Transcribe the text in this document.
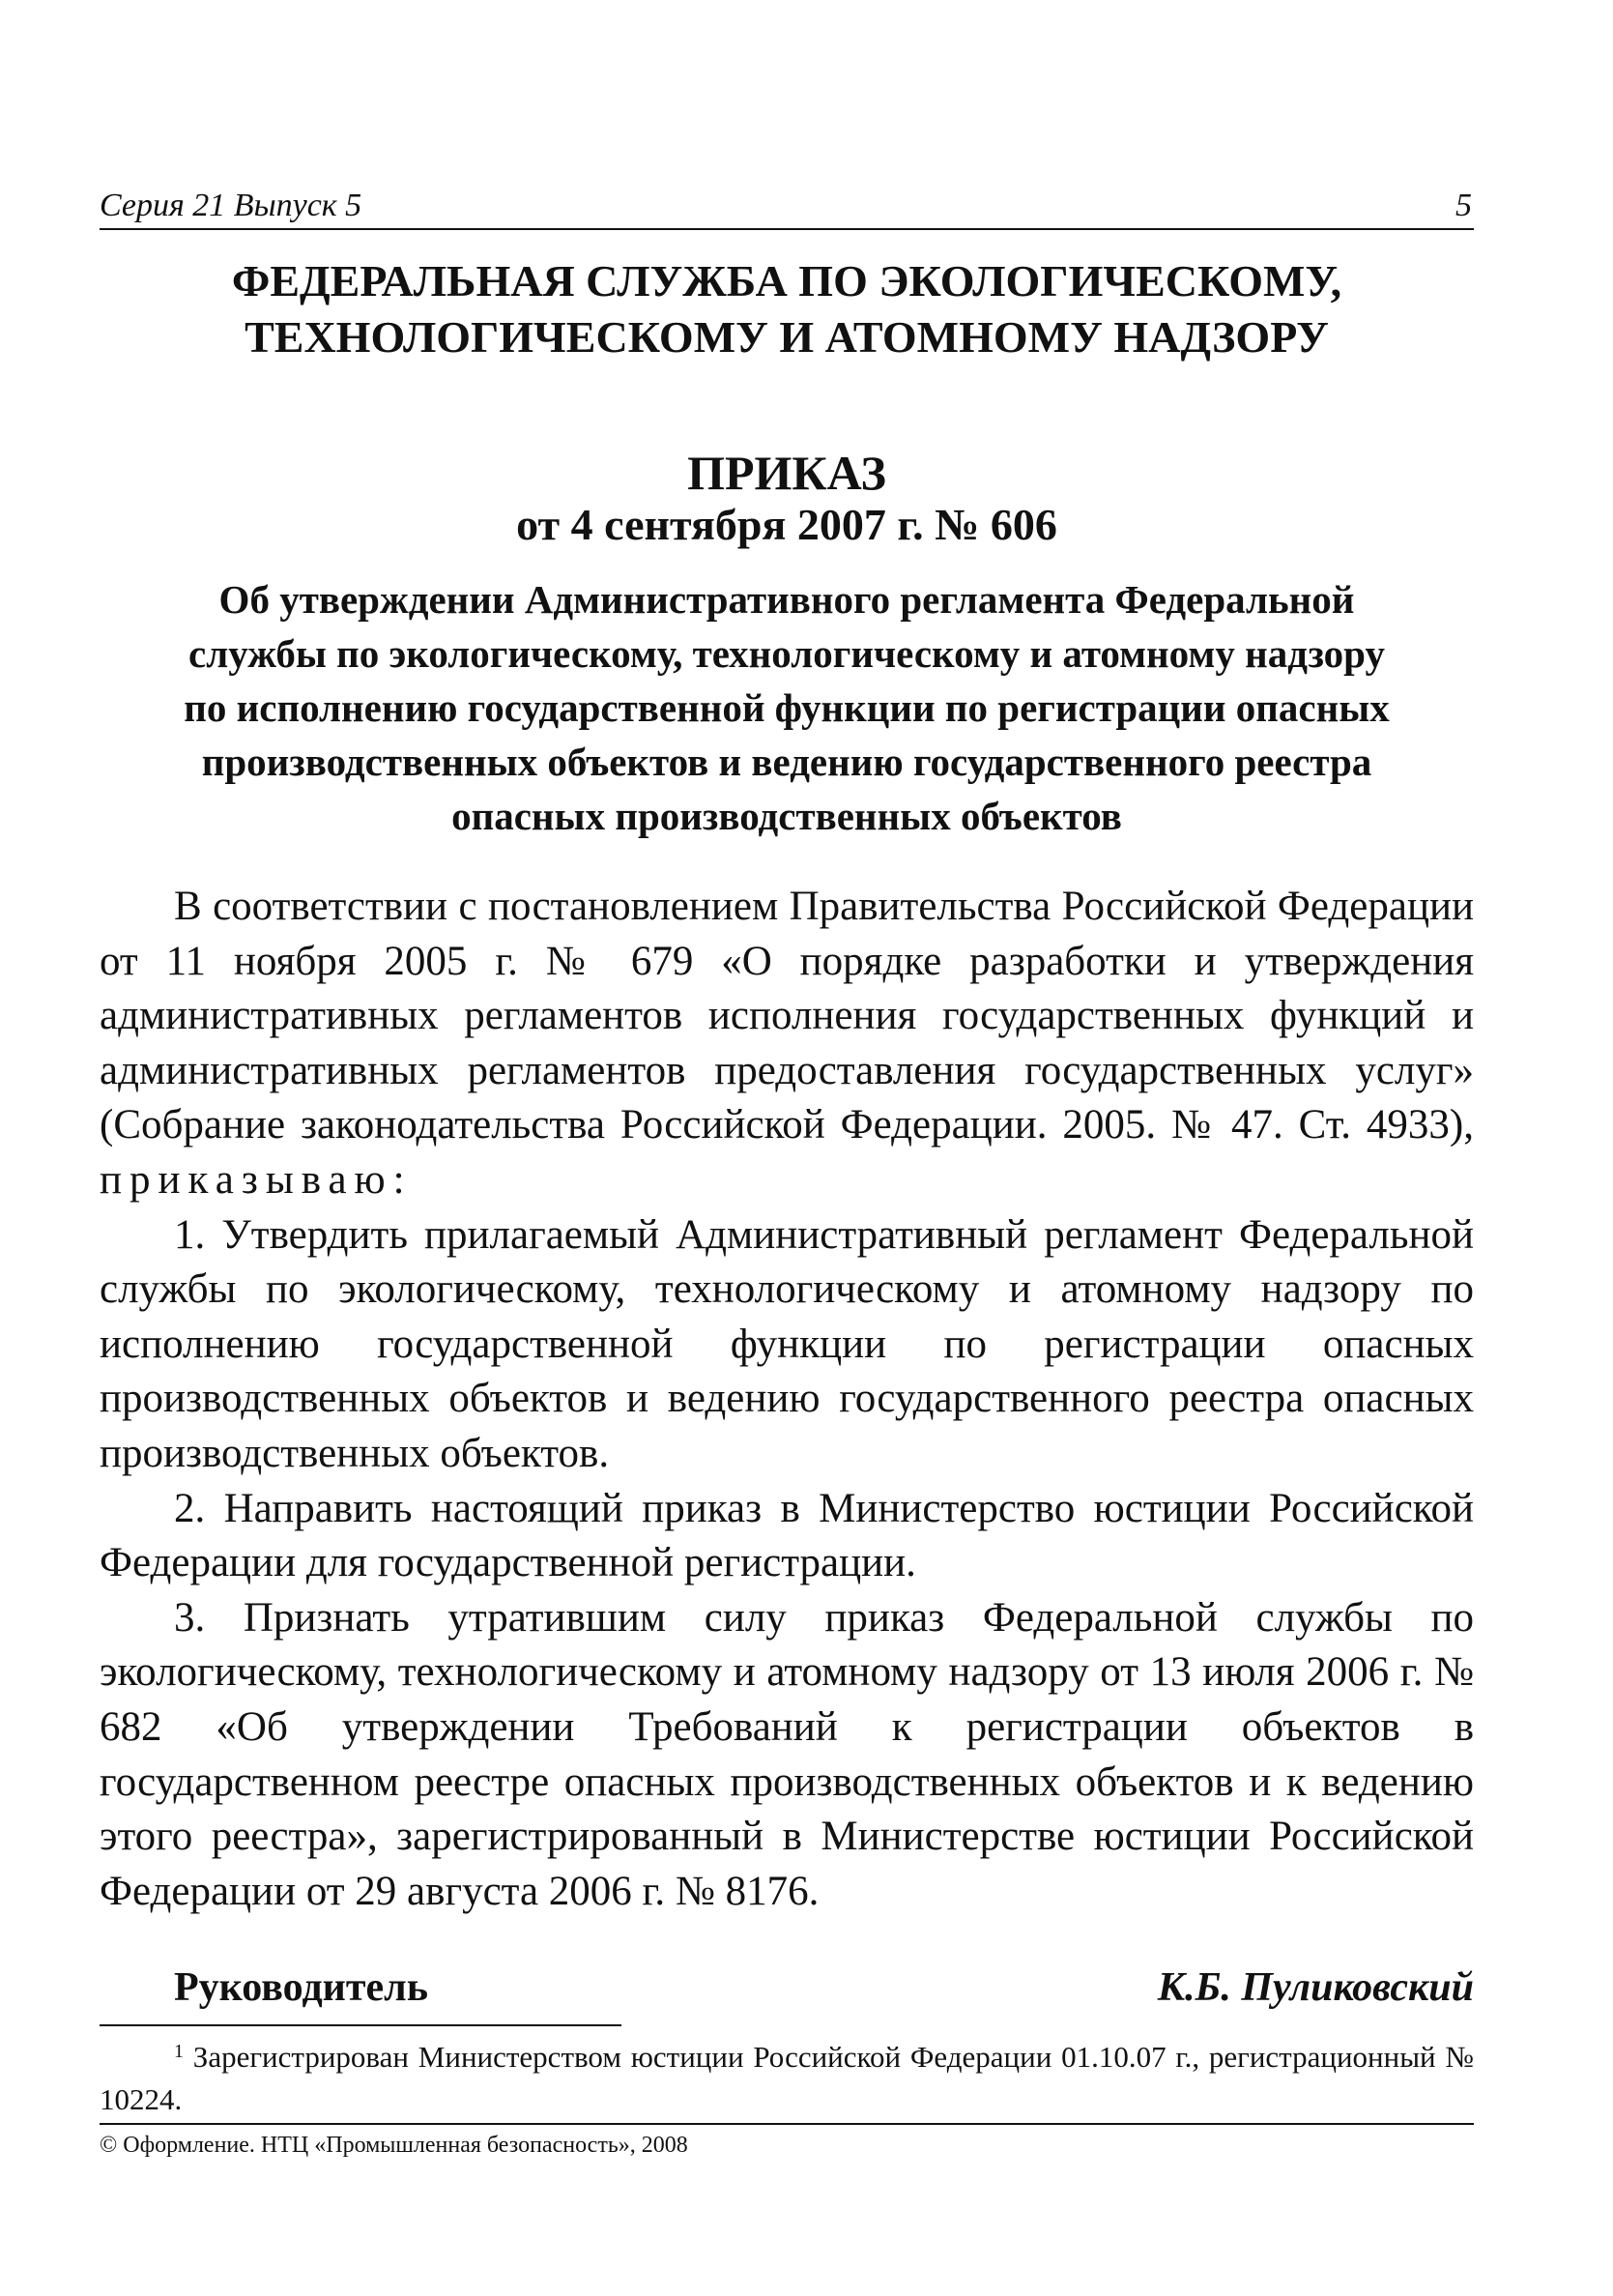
Серия 21 Выпуск 5	5
ФЕДЕРАЛЬНАЯ СЛУЖБА ПО ЭКОЛОГИЧЕСКОМУ,
ТЕХНОЛОГИЧЕСКОМУ И АТОМНОМУ НАДЗОРУ
ПРИКАЗ
от 4 сентября 2007 г. № 606
Об утверждении Административного регламента Федеральной
службы по экологическому, технологическому и атомному надзору
по исполнению государственной функции по регистрации опасных
производственных объектов и ведению государственного реестра
опасных производственных объектов

В соответствии с постановлением Правительства Российской Федерации от 11 ноября 2005 г. № 679 «О порядке разработки и утверждения административных регламентов исполнения государственных функций и административных регламентов предоставления государственных услуг» (Собрание законодательства Российской Федерации. 2005. № 47. Ст. 4933), приказываю:

1. Утвердить прилагаемый Административный регламент Федеральной службы по экологическому, технологическому и атомному надзору по исполнению государственной функции по регистрации опасных производственных объектов и ведению государственного реестра опасных производственных объектов.

2. Направить настоящий приказ в Министерство юстиции Российской Федерации для государственной регистрации.

3. Признать утратившим силу приказ Федеральной службы по экологическому, технологическому и атомному надзору от 13 июля 2006 г. № 682 «Об утверждении Требований к регистрации объектов в государственном реестре опасных производственных объектов и к ведению этого реестра», зарегистрированный в Министерстве юстиции Российской Федерации от 29 августа 2006 г. № 8176.

Руководитель	К.Б. Пуликовский
$^1$ Зарегистрирован Министерством юстиции Российской Федерации 01.10.07 г., регистрационный № 10224.
© Оформление. НТЦ «Промышленная безопасность», 2008
